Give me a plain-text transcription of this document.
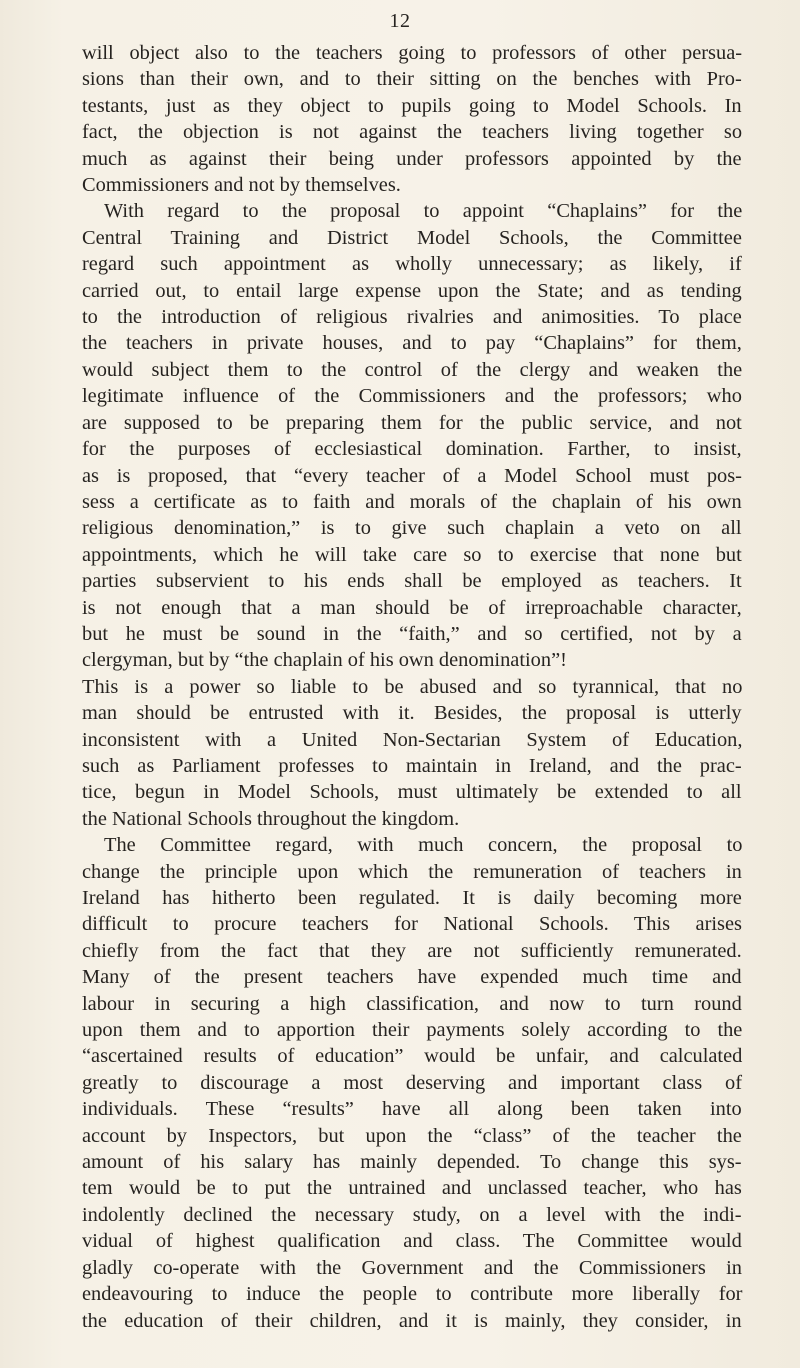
12
will object also to the teachers going to professors of other persua-
sions than their own, and to their sitting on the benches with Pro-
testants, just as they object to pupils going to Model Schools. In
fact, the objection is not against the teachers living together so
much as against their being under professors appointed by the
Commissioners and not by themselves.
With regard to the proposal to appoint “Chaplains” for the
Central Training and District Model Schools, the Committee
regard such appointment as wholly unnecessary; as likely, if
carried out, to entail large expense upon the State; and as tending
to the introduction of religious rivalries and animosities. To place
the teachers in private houses, and to pay “Chaplains” for them,
would subject them to the control of the clergy and weaken the
legitimate influence of the Commissioners and the professors; who
are supposed to be preparing them for the public service, and not
for the purposes of ecclesiastical domination. Farther, to insist,
as is proposed, that “every teacher of a Model School must pos-
sess a certificate as to faith and morals of the chaplain of his own
religious denomination,” is to give such chaplain a veto on all
appointments, which he will take care so to exercise that none but
parties subservient to his ends shall be employed as teachers. It
is not enough that a man should be of irreproachable character,
but he must be sound in the “faith,” and so certified, not by a
clergyman, but by “the chaplain of his own denomination”!
This is a power so liable to be abused and so tyrannical, that no
man should be entrusted with it. Besides, the proposal is utterly
inconsistent with a United Non-Sectarian System of Education,
such as Parliament professes to maintain in Ireland, and the prac-
tice, begun in Model Schools, must ultimately be extended to all
the National Schools throughout the kingdom.
The Committee regard, with much concern, the proposal to
change the principle upon which the remuneration of teachers in
Ireland has hitherto been regulated. It is daily becoming more
difficult to procure teachers for National Schools. This arises
chiefly from the fact that they are not sufficiently remunerated.
Many of the present teachers have expended much time and
labour in securing a high classification, and now to turn round
upon them and to apportion their payments solely according to the
“ascertained results of education” would be unfair, and calculated
greatly to discourage a most deserving and important class of
individuals. These “results” have all along been taken into
account by Inspectors, but upon the “class” of the teacher the
amount of his salary has mainly depended. To change this sys-
tem would be to put the untrained and unclassed teacher, who has
indolently declined the necessary study, on a level with the indi-
vidual of highest qualification and class. The Committee would
gladly co-operate with the Government and the Commissioners in
endeavouring to induce the people to contribute more liberally for
the education of their children, and it is mainly, they consider, in
